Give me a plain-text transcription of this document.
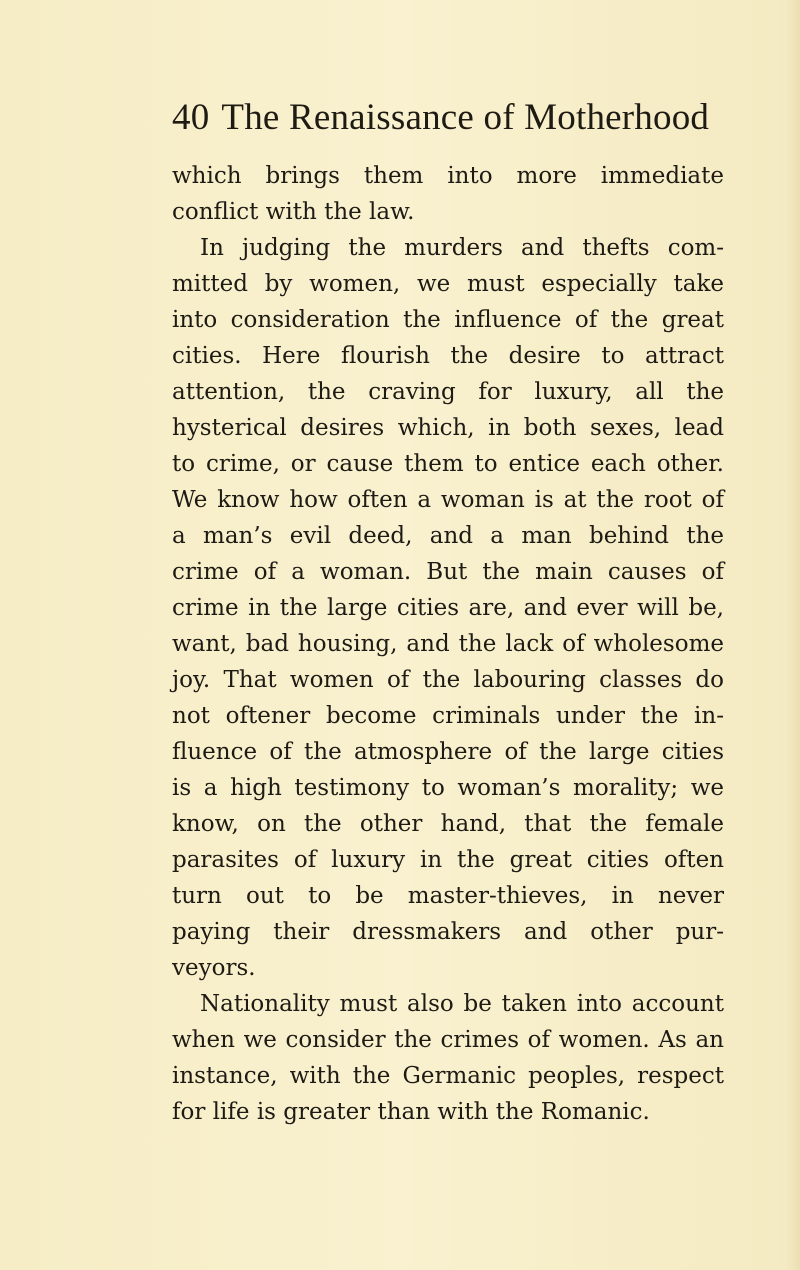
40 The Renaissance of Motherhood
which brings them into more immediate
conflict with the law.
In judging the murders and thefts com-
mitted by women, we must especially take
into consideration the influence of the great
cities. Here flourish the desire to attract
attention, the craving for luxury, all the
hysterical desires which, in both sexes, lead
to crime, or cause them to entice each other.
We know how often a woman is at the root of
a man’s evil deed, and a man behind the
crime of a woman. But the main causes of
crime in the large cities are, and ever will be,
want, bad housing, and the lack of wholesome
joy. That women of the labouring classes do
not oftener become criminals under the in-
fluence of the atmosphere of the large cities
is a high testimony to woman’s morality; we
know, on the other hand, that the female
parasites of luxury in the great cities often
turn out to be master-thieves, in never
paying their dressmakers and other pur-
veyors.
Nationality must also be taken into account
when we consider the crimes of women. As an
instance, with the Germanic peoples, respect
for life is greater than with the Romanic.
